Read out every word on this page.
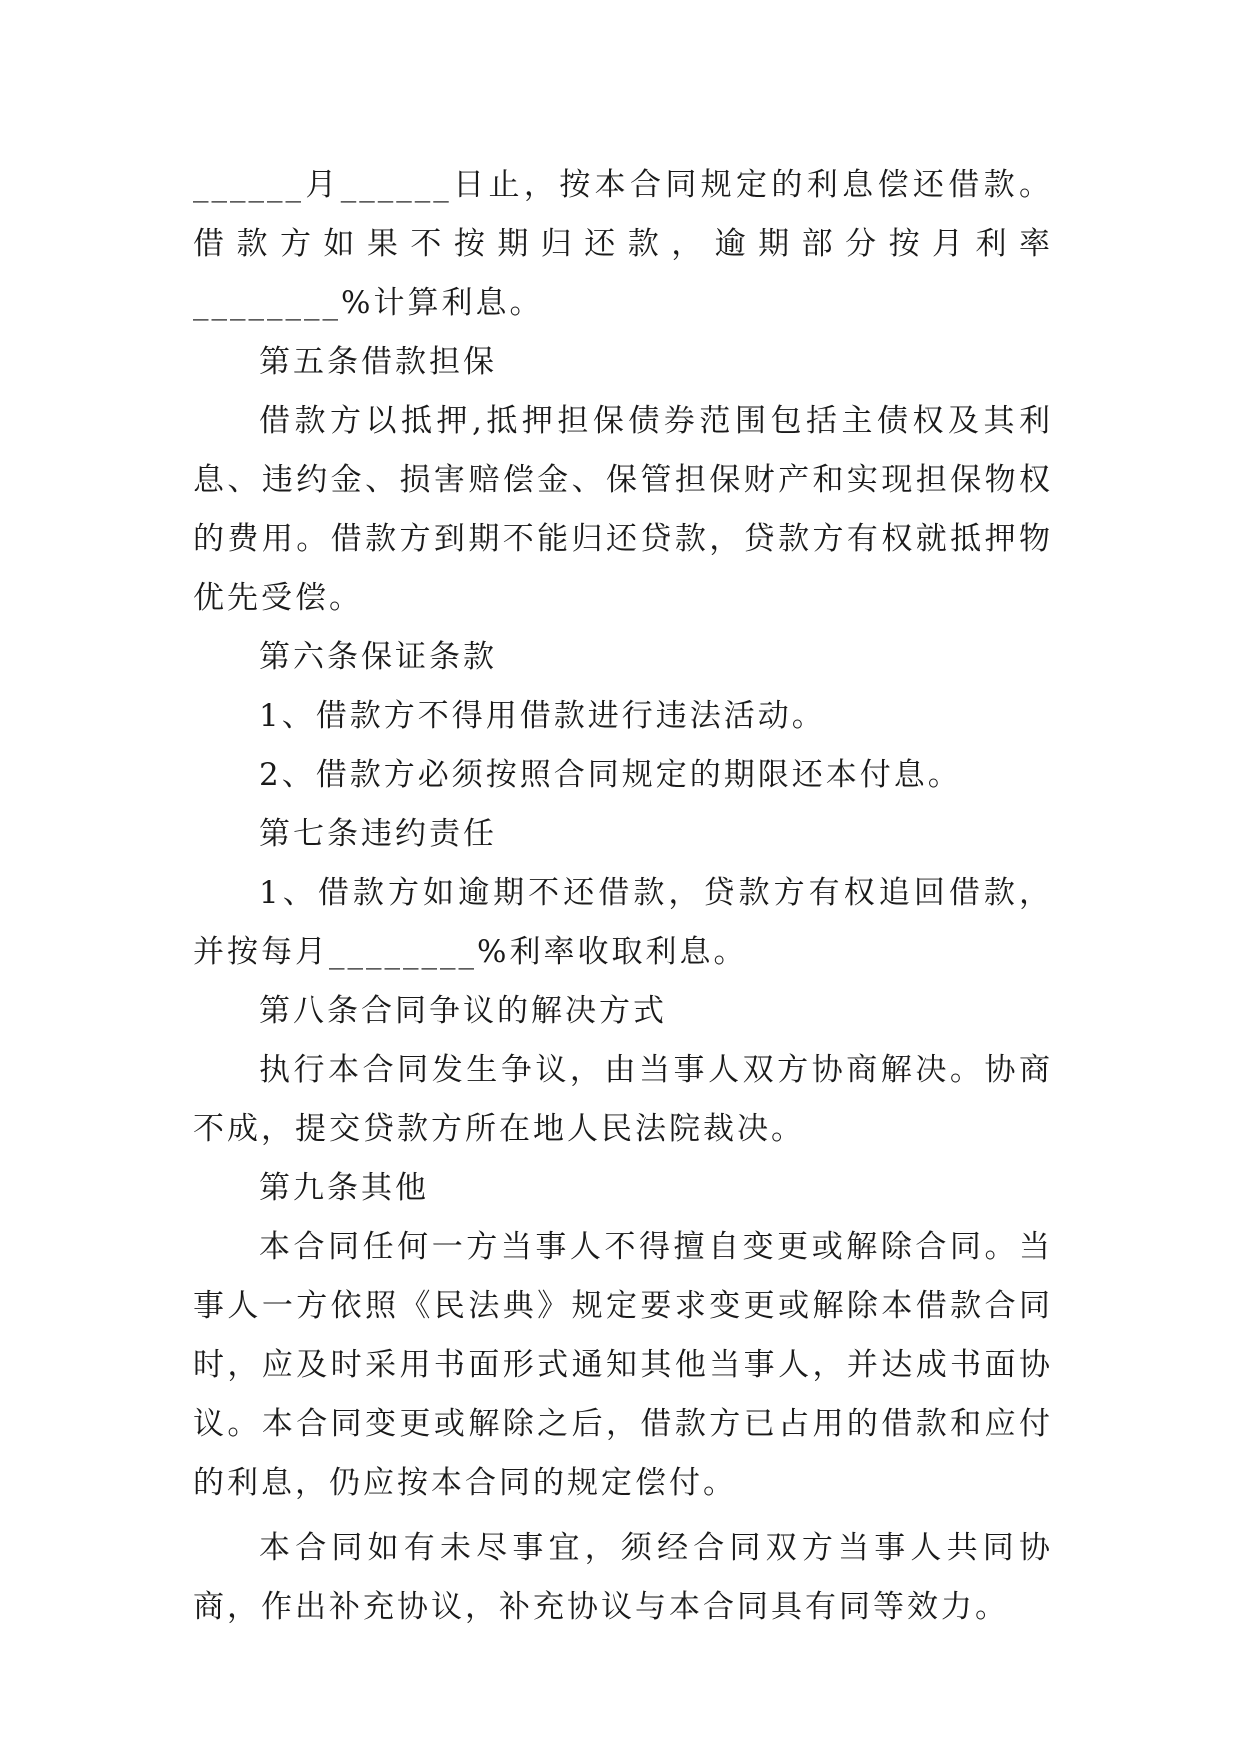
______月______日止，按本合同规定的利息偿还借款。借款方如果不按期归还款，逾期部分按月利率________%计算利息。

第五条借款担保

借款方以抵押,抵押担保债券范围包括主债权及其利息、违约金、损害赔偿金、保管担保财产和实现担保物权的费用。借款方到期不能归还贷款，贷款方有权就抵押物优先受偿。

第六条保证条款

1、借款方不得用借款进行违法活动。

2、借款方必须按照合同规定的期限还本付息。

第七条违约责任

1、借款方如逾期不还借款，贷款方有权追回借款，并按每月________%利率收取利息。

第八条合同争议的解决方式

执行本合同发生争议，由当事人双方协商解决。协商不成，提交贷款方所在地人民法院裁决。

第九条其他

本合同任何一方当事人不得擅自变更或解除合同。当事人一方依照《民法典》规定要求变更或解除本借款合同时，应及时采用书面形式通知其他当事人，并达成书面协议。本合同变更或解除之后，借款方已占用的借款和应付的利息，仍应按本合同的规定偿付。

本合同如有未尽事宜，须经合同双方当事人共同协商，作出补充协议，补充协议与本合同具有同等效力。
